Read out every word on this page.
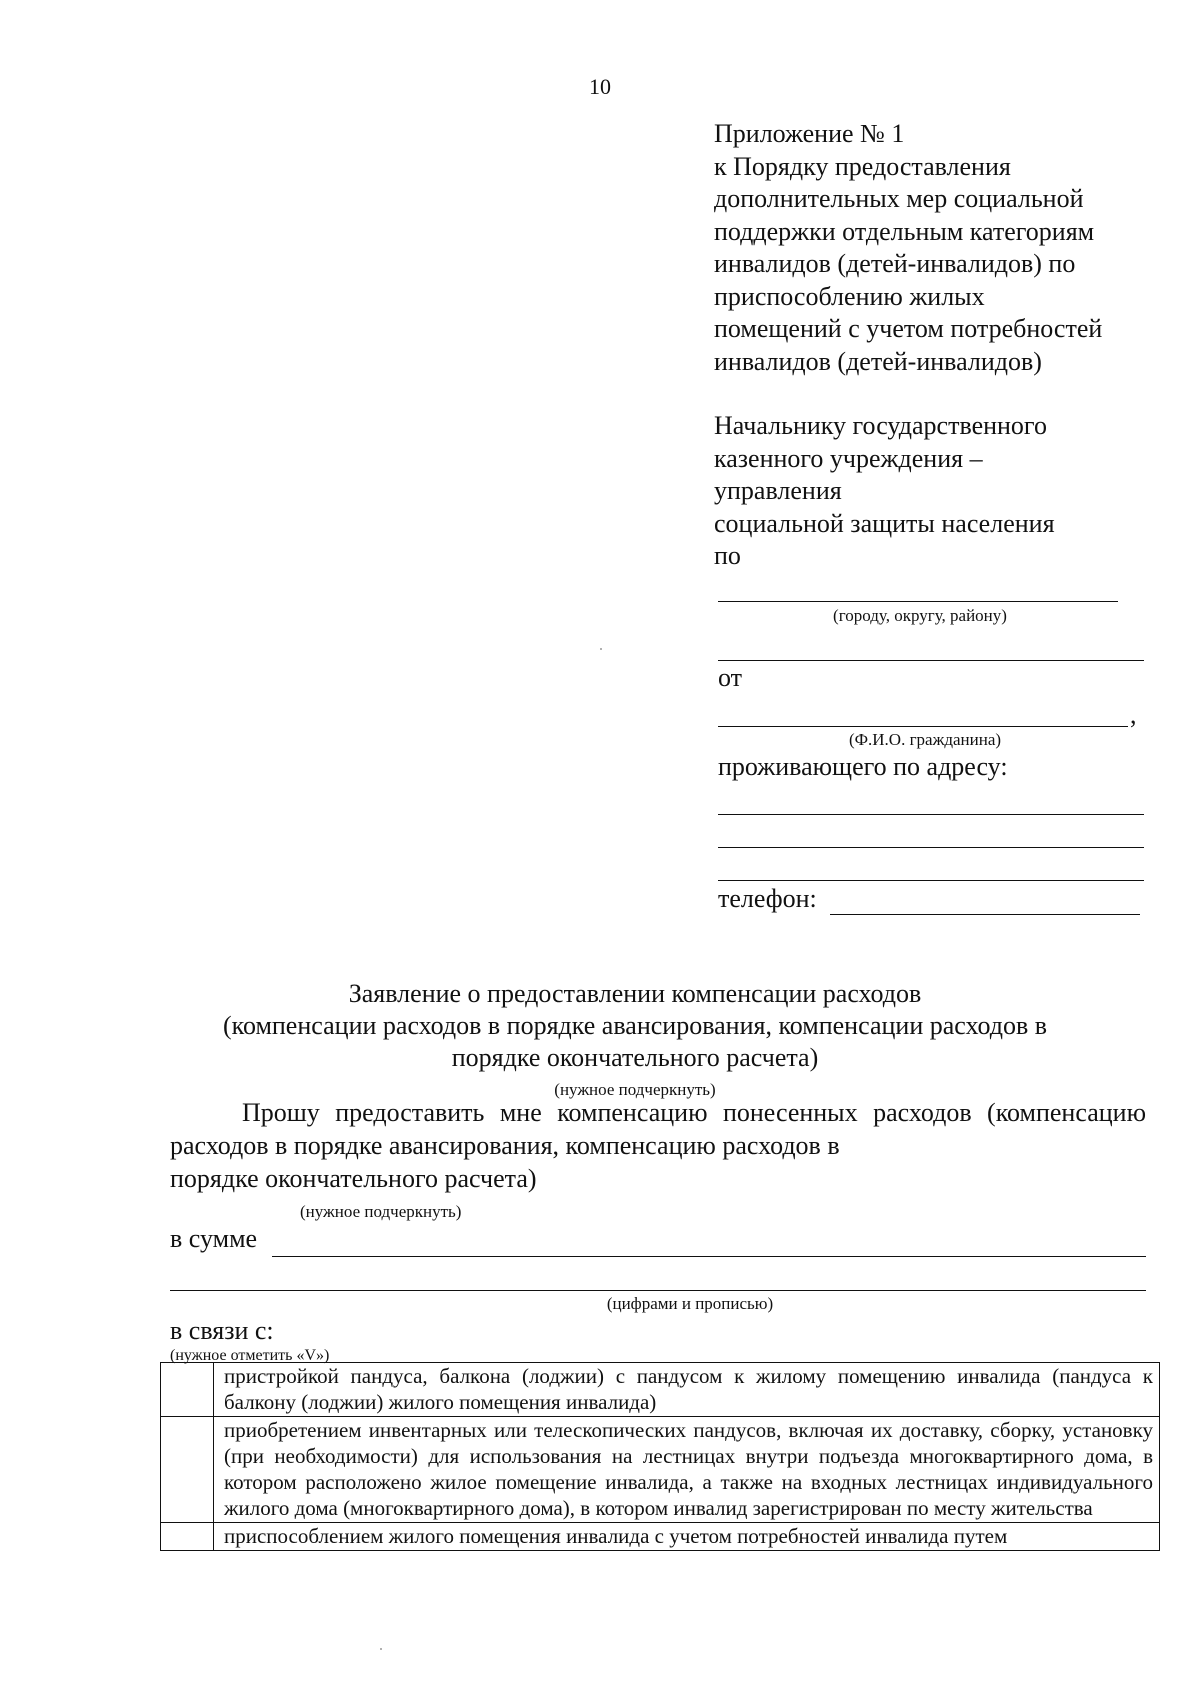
10
Приложение № 1
к Порядку предоставления
дополнительных мер социальной
поддержки отдельным категориям
инвалидов (детей-инвалидов) по
приспособлению жилых
помещений с учетом потребностей
инвалидов (детей-инвалидов)
Начальнику государственного
казенного учреждения –
управления
социальной защиты населения
по
(городу, округу, району)
от
,
(Ф.И.О. гражданина)
проживающего по адресу:
телефон:
Заявление о предоставлении компенсации расходов
(компенсации расходов в порядке авансирования, компенсации расходов в
порядке окончательного расчета)
(нужное подчеркнуть)
Прошу предоставить мне компенсацию понесенных расходов (компенсацию расходов в порядке авансирования, компенсацию расходов в
порядке окончательного расчета)
(нужное подчеркнуть)
в сумме
(цифрами и прописью)
в связи с:
(нужное отметить «V»)
	пристройкой пандуса, балкона (лоджии) с пандусом к жилому помещению инвалида (пандуса к балкону (лоджии) жилого помещения инвалида)
	приобретением инвентарных или телескопических пандусов, включая их доставку, сборку, установку (при необходимости) для использования на лестницах внутри подъезда многоквартирного дома, в котором расположено жилое помещение инвалида, а также на входных лестницах индивидуального жилого дома (многоквартирного дома), в котором инвалид зарегистрирован по месту жительства
	приспособлением жилого помещения инвалида с учетом потребностей инвалида путем
